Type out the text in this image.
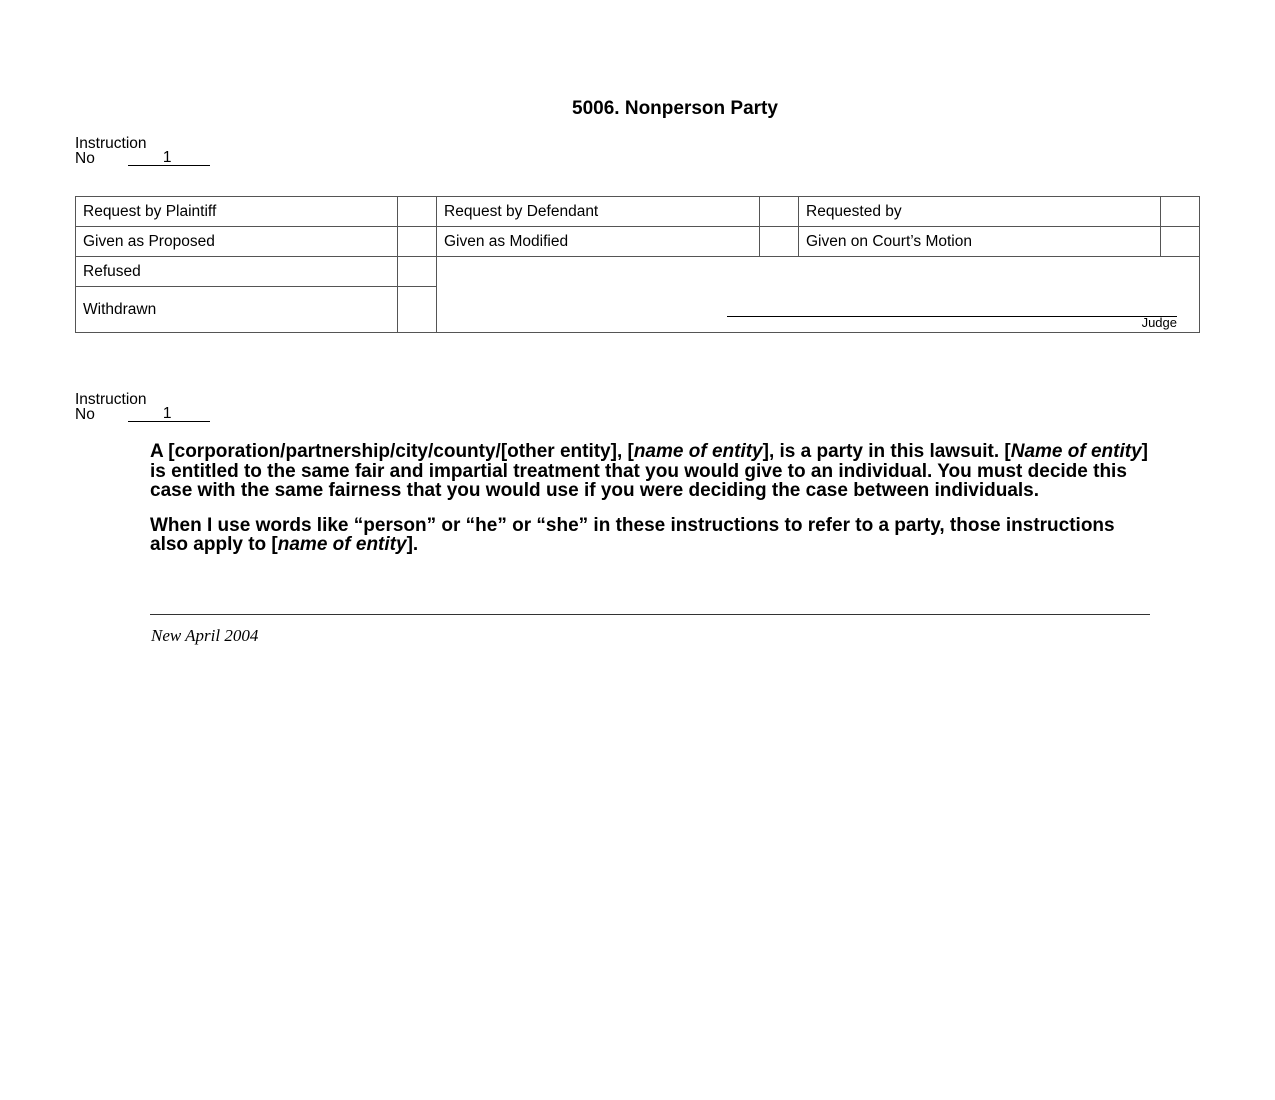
5006. Nonperson Party
Instruction
No	1
Request by Plaintiff		Request by Defendant		Requested by	
Given as Proposed		Given as Modified		Given on Court’s Motion	
Refused		Judge			

Withdrawn					
Instruction
No	1

A [corporation/partnership/city/county/[other entity], [name of entity], is a party in this lawsuit. [Name of entity] is entitled to the same fair and impartial treatment that you would give to an individual. You must decide this case with the same fairness that you would use if you were deciding the case between individuals.

When I use words like “person” or “he” or “she” in these instructions to refer to a party, those instructions also apply to [name of entity].

New April 2004
